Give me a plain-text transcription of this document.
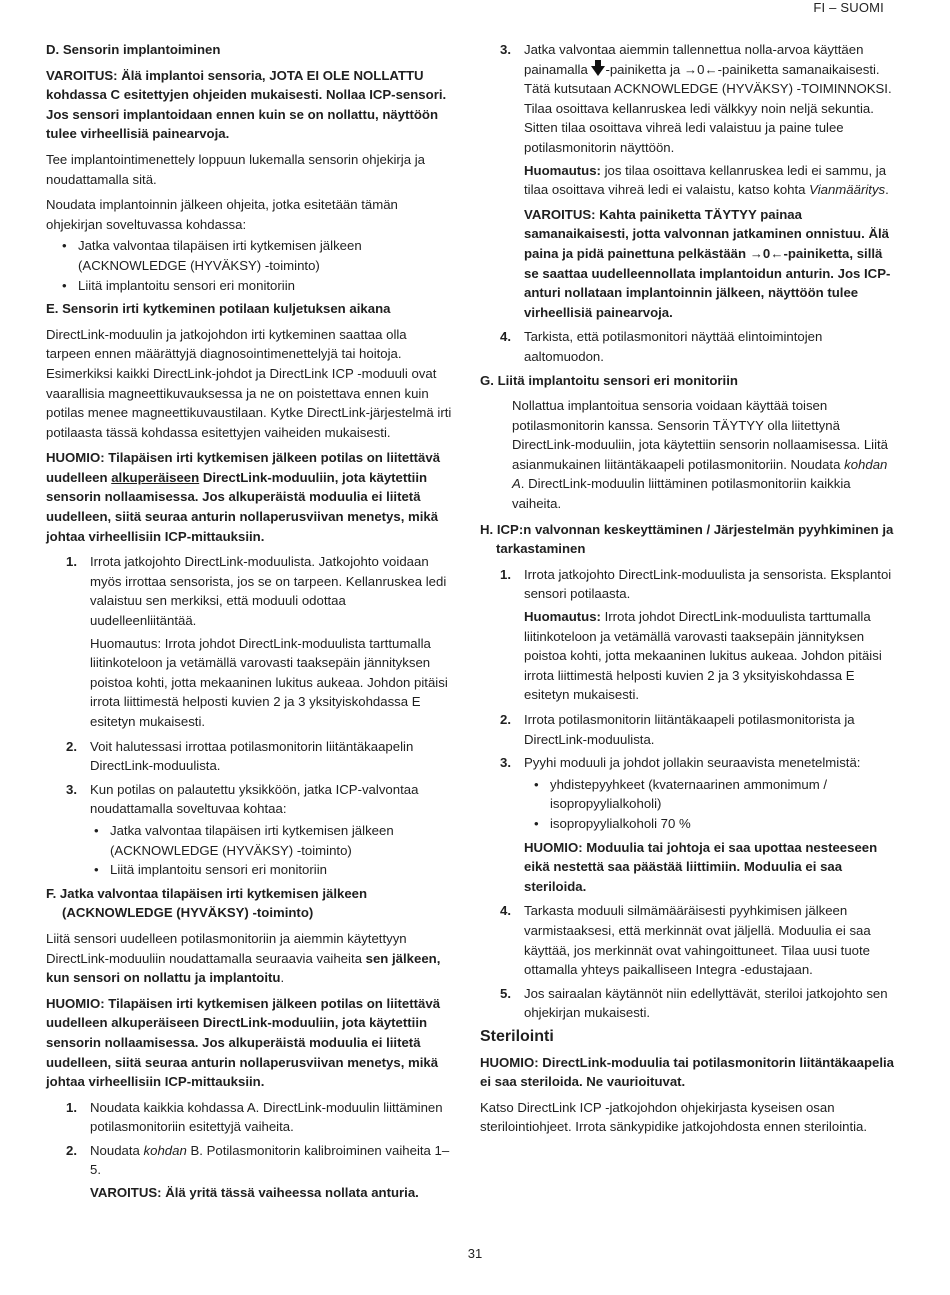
FI – SUOMI

D. Sensorin implantoiminen

VAROITUS: Älä implantoi sensoria, JOTA EI OLE NOLLATTU kohdassa C esitettyjen ohjeiden mukaisesti. Nollaa ICP-sensori. Jos sensori implantoidaan ennen kuin se on nollattu, näyttöön tulee virheellisiä painearvoja.

Tee implantointimenettely loppuun lukemalla sensorin ohjekirja ja noudattamalla sitä.

Noudata implantoinnin jälkeen ohjeita, jotka esitetään tämän ohjekirjan soveltuvassa kohdassa:

• Jatka valvontaa tilapäisen irti kytkemisen jälkeen (ACKNOWLEDGE (HYVÄKSY) -toiminto)
• Liitä implantoitu sensori eri monitoriin

E. Sensorin irti kytkeminen potilaan kuljetuksen aikana

DirectLink-moduulin ja jatkojohdon irti kytkeminen saattaa olla tarpeen ennen määrättyjä diagnosointimenettelyjä tai hoitoja. Esimerkiksi kaikki DirectLink-johdot ja DirectLink ICP -moduuli ovat vaarallisia magneettikuvauksessa ja ne on poistettava ennen kuin potilas menee magneettikuvaustilaan. Kytke DirectLink-järjestelmä irti potilaasta tässä kohdassa esitettyjen vaiheiden mukaisesti.

HUOMIO: Tilapäisen irti kytkemisen jälkeen potilas on liitettävä uudelleen alkuperäiseen DirectLink-moduuliin, jota käytettiin sensorin nollaamisessa. Jos alkuperäistä moduulia ei liitetä uudelleen, siitä seuraa anturin nollaperusviivan menetys, mikä johtaa virheellisiin ICP-mittauksiin.

1. Irrota jatkojohto DirectLink-moduulista. Jatkojohto voidaan myös irrottaa sensorista, jos se on tarpeen. Kellanruskea ledi valaistuu sen merkiksi, että moduuli odottaa uudelleenliitäntää.
Huomautus: Irrota johdot DirectLink-moduulista tarttumalla liitinkoteloon ja vetämällä varovasti taaksepäin jännityksen poistoa kohti, jotta mekaaninen lukitus aukeaa. Johdon pitäisi irrota liittimestä helposti kuvien 2 ja 3 yksityiskohdassa E esitetyn mukaisesti.
2. Voit halutessasi irrottaa potilasmonitorin liitäntäkaapelin DirectLink-moduulista.
3. Kun potilas on palautettu yksikköön, jatka ICP-valvontaa noudattamalla soveltuvaa kohtaa:
• Jatka valvontaa tilapäisen irti kytkemisen jälkeen (ACKNOWLEDGE (HYVÄKSY) -toiminto)
• Liitä implantoitu sensori eri monitoriin

F. Jatka valvontaa tilapäisen irti kytkemisen jälkeen (ACKNOWLEDGE (HYVÄKSY) -toiminto)

Liitä sensori uudelleen potilasmonitoriin ja aiemmin käytettyyn DirectLink-moduuliin noudattamalla seuraavia vaiheita sen jälkeen, kun sensori on nollattu ja implantoitu.

HUOMIO: Tilapäisen irti kytkemisen jälkeen potilas on liitettävä uudelleen alkuperäiseen DirectLink-moduuliin, jota käytettiin sensorin nollaamisessa. Jos alkuperäistä moduulia ei liitetä uudelleen, siitä seuraa anturin nollaperusviivan menetys, mikä johtaa virheellisiin ICP-mittauksiin.

1. Noudata kaikkia kohdassa A. DirectLink-moduulin liittäminen potilasmonitoriin esitettyjä vaiheita.
2. Noudata kohdan B. Potilasmonitorin kalibroiminen vaiheita 1–5.
VAROITUS: Älä yritä tässä vaiheessa nollata anturia.
3. Jatka valvontaa aiemmin tallennettua nolla-arvoa käyttäen painamalla -painiketta ja →0←-painiketta samanaikaisesti. Tätä kutsutaan ACKNOWLEDGE (HYVÄKSY) -TOIMINNOKSI. Tilaa osoittava kellanruskea ledi välkkyy noin neljä sekuntia. Sitten tilaa osoittava vihreä ledi valaistuu ja paine tulee potilasmonitorin näyttöön.
Huomautus: jos tilaa osoittava kellanruskea ledi ei sammu, ja tilaa osoittava vihreä ledi ei valaistu, katso kohta Vianmääritys.
VAROITUS: Kahta painiketta TÄYTYY painaa samanaikaisesti, jotta valvonnan jatkaminen onnistuu. Älä paina ja pidä painettuna pelkästään →0←-painiketta, sillä se saattaa uudelleennollata implantoidun anturin. Jos ICP-anturi nollataan implantoinnin jälkeen, näyttöön tulee virheellisiä painearvoja.
4. Tarkista, että potilasmonitori näyttää elintoimintojen aaltomuodon.

G. Liitä implantoitu sensori eri monitoriin

Nollattua implantoitua sensoria voidaan käyttää toisen potilasmonitorin kanssa. Sensorin TÄYTYY olla liitettynä DirectLink-moduuliin, jota käytettiin sensorin nollaamisessa. Liitä asianmukainen liitäntäkaapeli potilasmonitoriin. Noudata kohdan A. DirectLink-moduulin liittäminen potilasmonitoriin kaikkia vaiheita.

H. ICP:n valvonnan keskeyttäminen / Järjestelmän pyyhkiminen ja tarkastaminen

1. Irrota jatkojohto DirectLink-moduulista ja sensorista. Eksplantoi sensori potilaasta.
Huomautus: Irrota johdot DirectLink-moduulista tarttumalla liitinkoteloon ja vetämällä varovasti taaksepäin jännityksen poistoa kohti, jotta mekaaninen lukitus aukeaa. Johdon pitäisi irrota liittimestä helposti kuvien 2 ja 3 yksityiskohdassa E esitetyn mukaisesti.
2. Irrota potilasmonitorin liitäntäkaapeli potilasmonitorista ja DirectLink-moduulista.
3. Pyyhi moduuli ja johdot jollakin seuraavista menetelmistä:
• yhdistepyyhkeet (kvaternaarinen ammonimum / isopropyylialkoholi)
• isopropyylialkoholi 70 %
HUOMIO: Moduulia tai johtoja ei saa upottaa nesteeseen eikä nestettä saa päästää liittimiin. Moduulia ei saa steriloida.
4. Tarkasta moduuli silmämääräisesti pyyhkimisen jälkeen varmistaaksesi, että merkinnät ovat jäljellä. Moduulia ei saa käyttää, jos merkinnät ovat vahingoittuneet. Tilaa uusi tuote ottamalla yhteys paikalliseen Integra -edustajaan.
5. Jos sairaalan käytännöt niin edellyttävät, steriloi jatkojohto sen ohjekirjan mukaisesti.

Sterilointi

HUOMIO: DirectLink-moduulia tai potilasmonitorin liitäntäkaapelia ei saa steriloida. Ne vaurioituvat.

Katso DirectLink ICP -jatkojohdon ohjekirjasta kyseisen osan sterilointiohjeet. Irrota sänkypidike jatkojohdosta ennen sterilointia.

31
